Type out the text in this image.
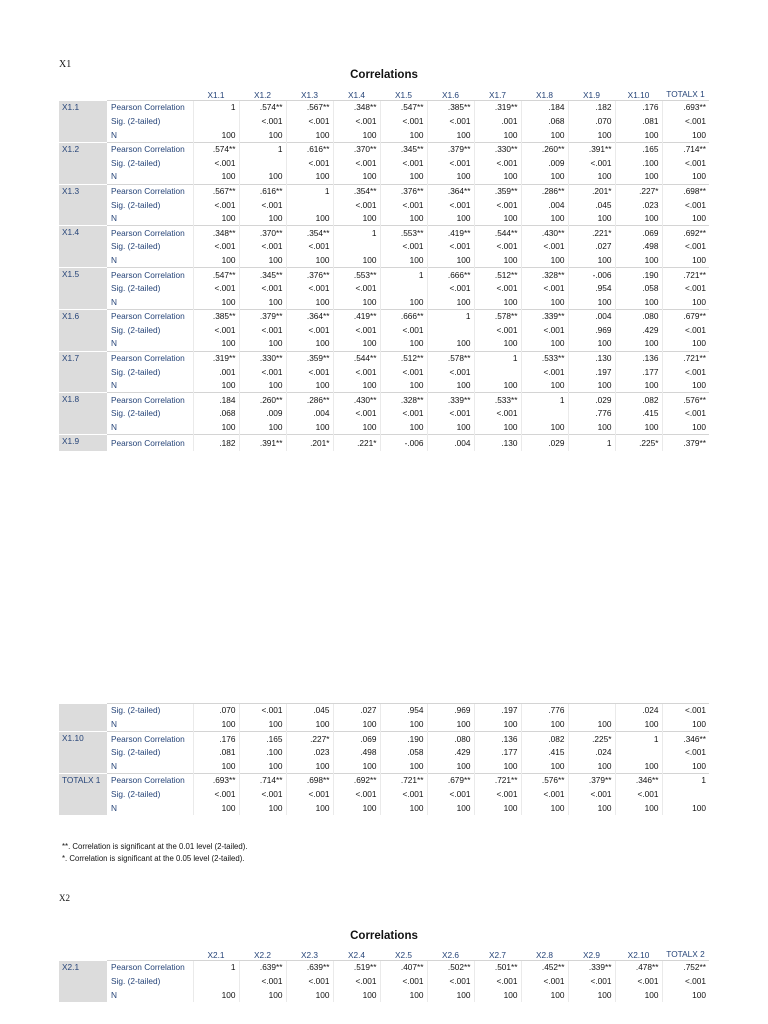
X1
Correlations
		X1.1	X1.2	X1.3	X1.4	X1.5	X1.6	X1.7	X1.8	X1.9	X1.10	TOTALX 1
X1.1	Pearson Correlation	1	.574**	.567**	.348**	.547**	.385**	.319**	.184	.182	.176	.693**
	Sig. (2-tailed)		<.001	<.001	<.001	<.001	<.001	.001	.068	.070	.081	<.001
	N	100	100	100	100	100	100	100	100	100	100	100
X1.2	Pearson Correlation	.574**	1	.616**	.370**	.345**	.379**	.330**	.260**	.391**	.165	.714**
	Sig. (2-tailed)	<.001		<.001	<.001	<.001	<.001	<.001	.009	<.001	.100	<.001
	N	100	100	100	100	100	100	100	100	100	100	100
X1.3	Pearson Correlation	.567**	.616**	1	.354**	.376**	.364**	.359**	.286**	.201*	.227*	.698**
	Sig. (2-tailed)	<.001	<.001		<.001	<.001	<.001	<.001	.004	.045	.023	<.001
	N	100	100	100	100	100	100	100	100	100	100	100
X1.4	Pearson Correlation	.348**	.370**	.354**	1	.553**	.419**	.544**	.430**	.221*	.069	.692**
	Sig. (2-tailed)	<.001	<.001	<.001		<.001	<.001	<.001	<.001	.027	.498	<.001
	N	100	100	100	100	100	100	100	100	100	100	100
X1.5	Pearson Correlation	.547**	.345**	.376**	.553**	1	.666**	.512**	.328**	-.006	.190	.721**
	Sig. (2-tailed)	<.001	<.001	<.001	<.001		<.001	<.001	<.001	.954	.058	<.001
	N	100	100	100	100	100	100	100	100	100	100	100
X1.6	Pearson Correlation	.385**	.379**	.364**	.419**	.666**	1	.578**	.339**	.004	.080	.679**
	Sig. (2-tailed)	<.001	<.001	<.001	<.001	<.001		<.001	<.001	.969	.429	<.001
	N	100	100	100	100	100	100	100	100	100	100	100
X1.7	Pearson Correlation	.319**	.330**	.359**	.544**	.512**	.578**	1	.533**	.130	.136	.721**
	Sig. (2-tailed)	.001	<.001	<.001	<.001	<.001	<.001		<.001	.197	.177	<.001
	N	100	100	100	100	100	100	100	100	100	100	100
X1.8	Pearson Correlation	.184	.260**	.286**	.430**	.328**	.339**	.533**	1	.029	.082	.576**
	Sig. (2-tailed)	.068	.009	.004	<.001	<.001	<.001	<.001		.776	.415	<.001
	N	100	100	100	100	100	100	100	100	100	100	100
X1.9	Pearson Correlation	.182	.391**	.201*	.221*	-.006	.004	.130	.029	1	.225*	.379**
	Sig. (2-tailed)	.070	<.001	.045	.027	.954	.969	.197	.776		.024	<.001
	N	100	100	100	100	100	100	100	100	100	100	100
X1.10	Pearson Correlation	.176	.165	.227*	.069	.190	.080	.136	.082	.225*	1	.346**
	Sig. (2-tailed)	.081	.100	.023	.498	.058	.429	.177	.415	.024		<.001
	N	100	100	100	100	100	100	100	100	100	100	100
TOTALX 1	Pearson Correlation	.693**	.714**	.698**	.692**	.721**	.679**	.721**	.576**	.379**	.346**	1
	Sig. (2-tailed)	<.001	<.001	<.001	<.001	<.001	<.001	<.001	<.001	<.001	<.001	
	N	100	100	100	100	100	100	100	100	100	100	100
**. Correlation is significant at the 0.01 level (2-tailed).
*. Correlation is significant at the 0.05 level (2-tailed).
X2
Correlations
		X2.1	X2.2	X2.3	X2.4	X2.5	X2.6	X2.7	X2.8	X2.9	X2.10	TOTALX 2
X2.1	Pearson Correlation	1	.639**	.639**	.519**	.407**	.502**	.501**	.452**	.339**	.478**	.752**
	Sig. (2-tailed)		<.001	<.001	<.001	<.001	<.001	<.001	<.001	<.001	<.001	<.001
	N	100	100	100	100	100	100	100	100	100	100	100
